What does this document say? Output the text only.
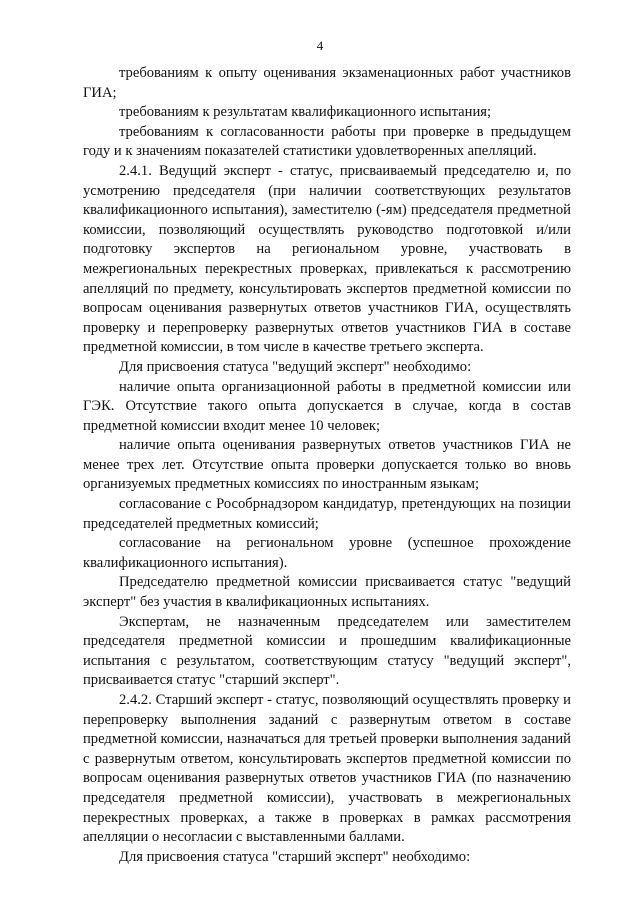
4

требованиям к опыту оценивания экзаменационных работ участников ГИА;

требованиям к результатам квалификационного испытания;

требованиям к согласованности работы при проверке в предыдущем году и к значениям показателей статистики удовлетворенных апелляций.

2.4.1. Ведущий эксперт - статус, присваиваемый председателю и, по усмотрению председателя (при наличии соответствующих результатов квалификационного испытания), заместителю (-ям) председателя предметной комиссии, позволяющий осуществлять руководство подготовкой и/или подготовку экспертов на региональном уровне, участвовать в межрегиональных перекрестных проверках, привлекаться к рассмотрению апелляций по предмету, консультировать экспертов предметной комиссии по вопросам оценивания развернутых ответов участников ГИА, осуществлять проверку и перепроверку развернутых ответов участников ГИА в составе предметной комиссии, в том числе в качестве третьего эксперта.

Для присвоения статуса "ведущий эксперт" необходимо:

наличие опыта организационной работы в предметной комиссии или ГЭК. Отсутствие такого опыта допускается в случае, когда в состав предметной комиссии входит менее 10 человек;

наличие опыта оценивания развернутых ответов участников ГИА не менее трех лет. Отсутствие опыта проверки допускается только во вновь организуемых предметных комиссиях по иностранным языкам;

согласование с Рособрнадзором кандидатур, претендующих на позиции председателей предметных комиссий;

согласование на региональном уровне (успешное прохождение квалификационного испытания).

Председателю предметной комиссии присваивается статус "ведущий эксперт" без участия в квалификационных испытаниях.

Экспертам, не назначенным председателем или заместителем председателя предметной комиссии и прошедшим квалификационные испытания с результатом, соответствующим статусу "ведущий эксперт", присваивается статус "старший эксперт".

2.4.2. Старший эксперт - статус, позволяющий осуществлять проверку и перепроверку выполнения заданий с развернутым ответом в составе предметной комиссии, назначаться для третьей проверки выполнения заданий с развернутым ответом, консультировать экспертов предметной комиссии по вопросам оценивания развернутых ответов участников ГИА (по назначению председателя предметной комиссии), участвовать в межрегиональных перекрестных проверках, а также в проверках в рамках рассмотрения апелляции о несогласии с выставленными баллами.

Для присвоения статуса "старший эксперт" необходимо:
